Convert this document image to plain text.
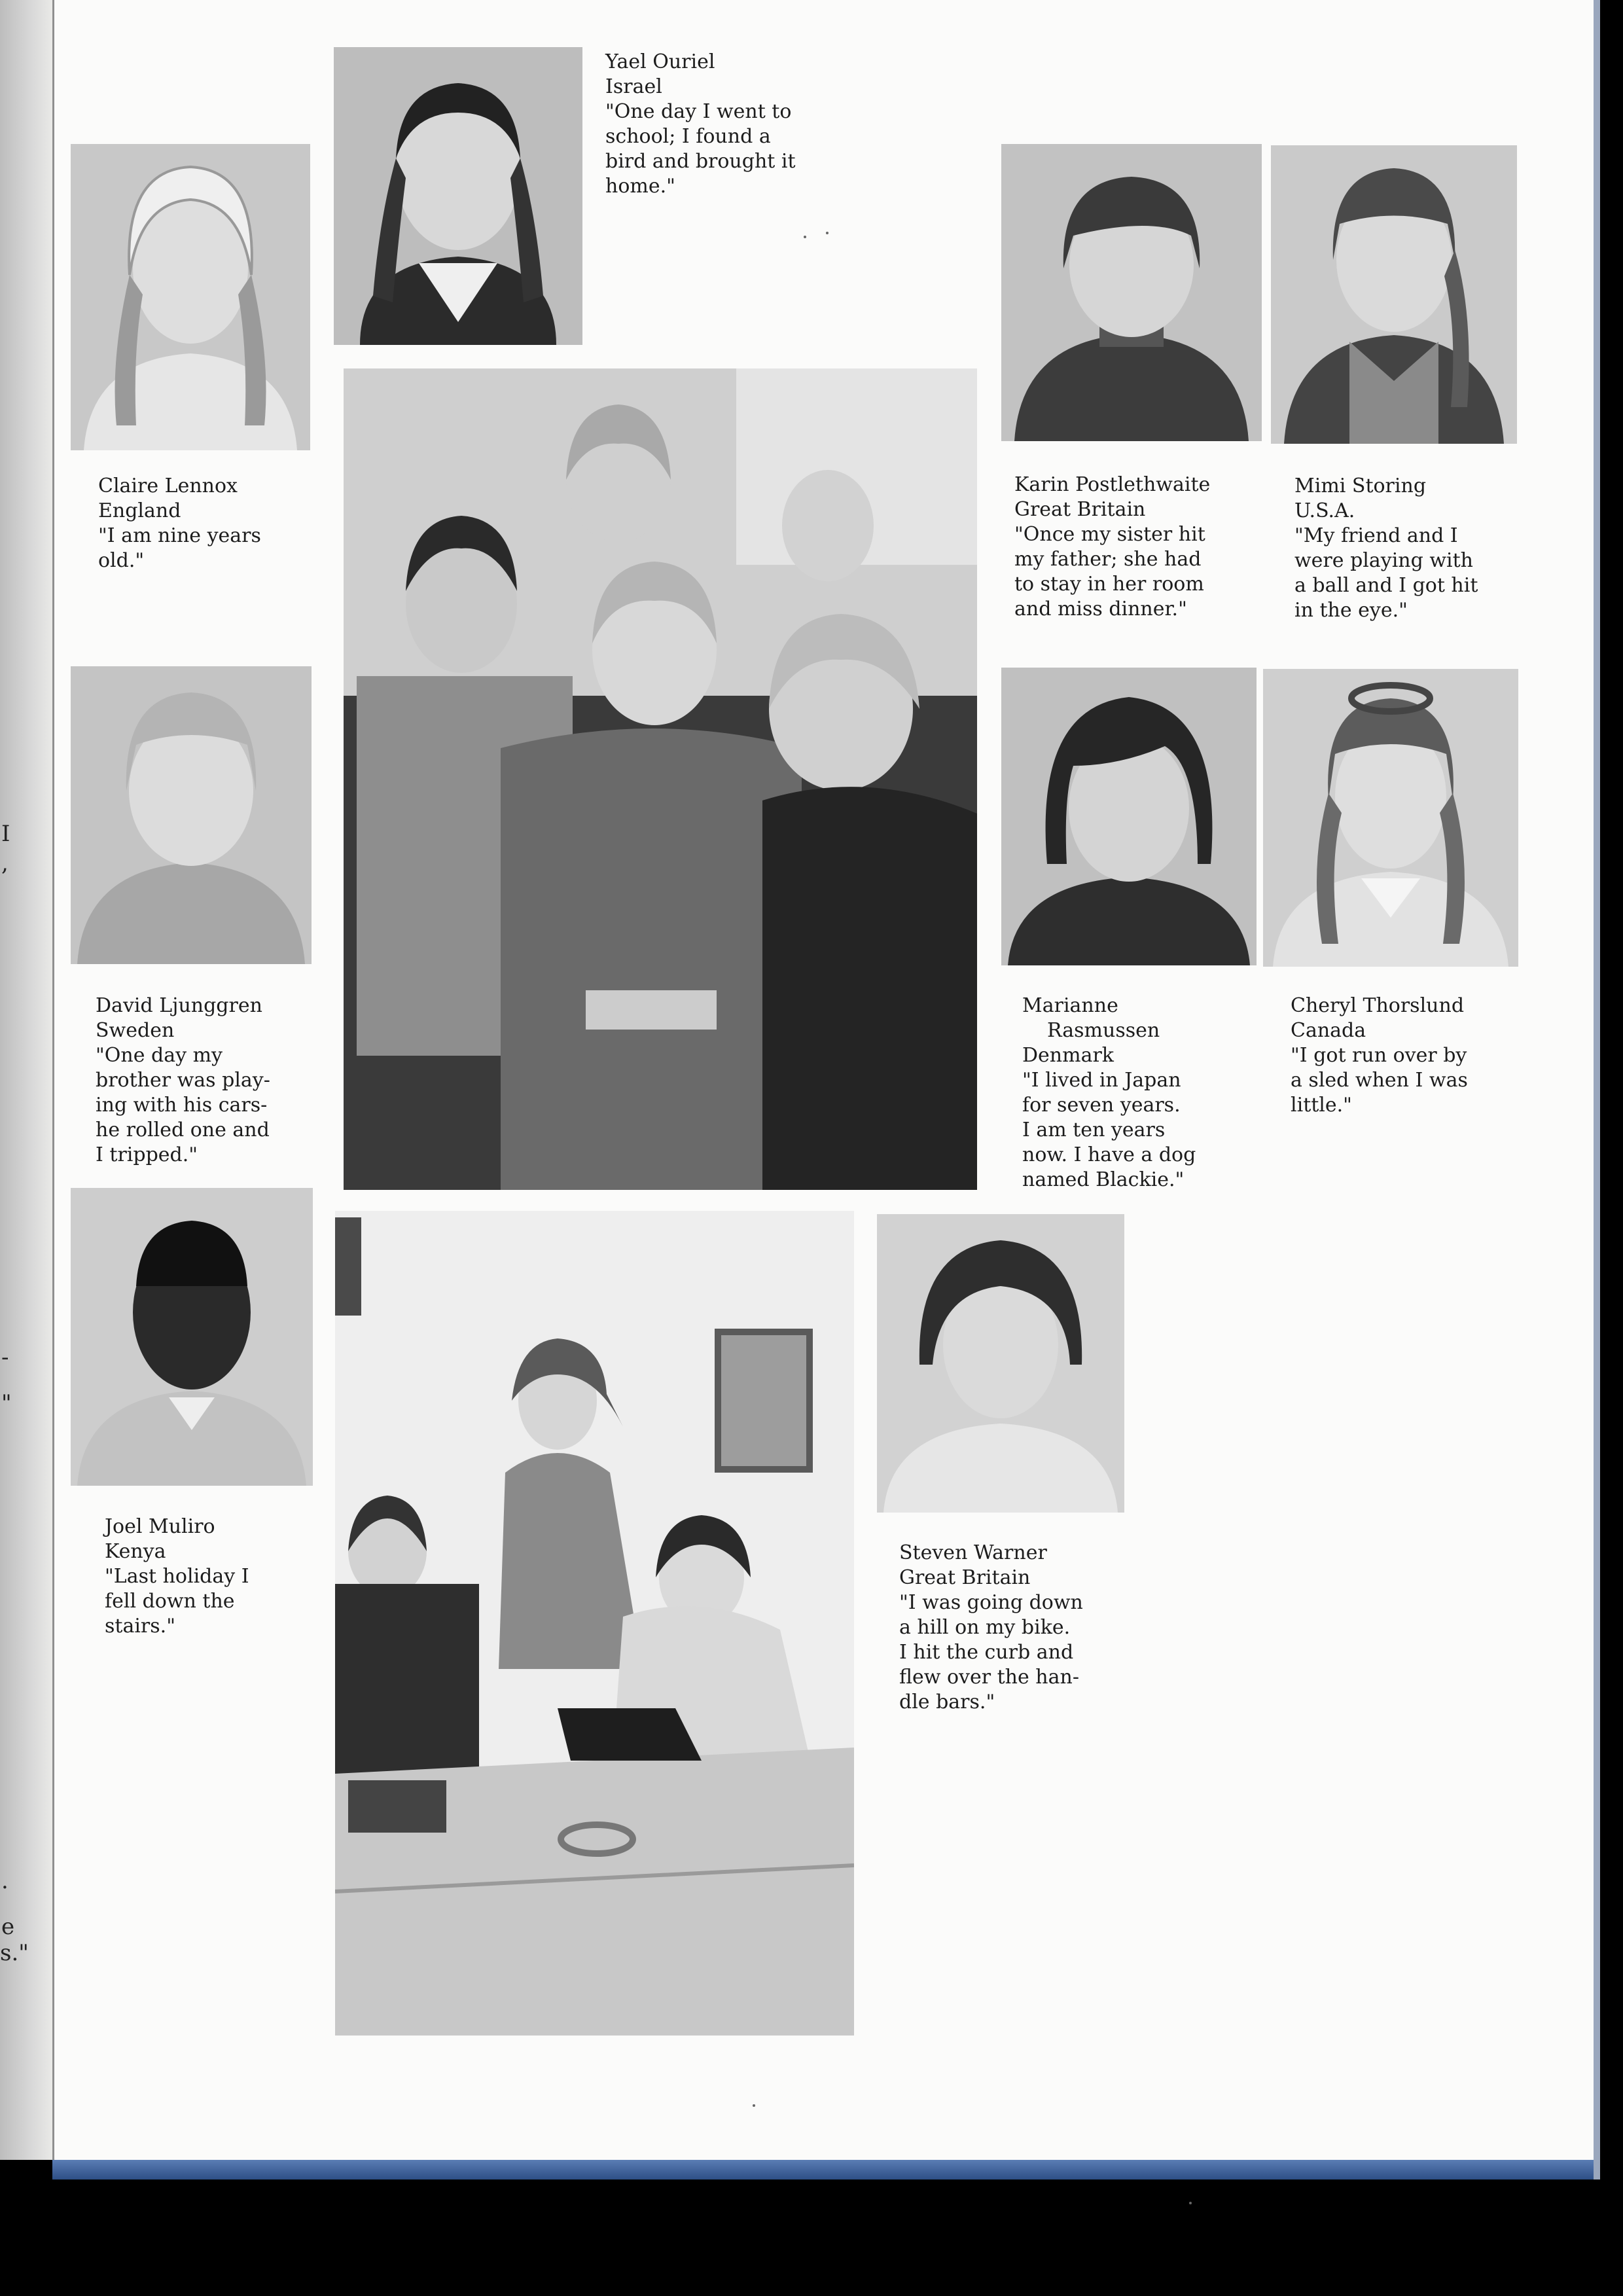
I
,
-
"
.
e
s."
Yael Ouriel
Israel
"One day I went to
school; I found a
bird and brought it
home."
Claire Lennox
England
"I am nine years
old."
Karin Postlethwaite
Great Britain
"Once my sister hit
my father; she had
to stay in her room
and miss dinner."
Mimi Storing
U.S.A.
"My friend and I
were playing with
a ball and I got hit
in the eye."
David Ljunggren
Sweden
"One day my
brother was play-
ing with his cars-
he rolled one and
I tripped."
Marianne
Rasmussen
Denmark
"I lived in Japan
for seven years.
I am ten years
now. I have a dog
named Blackie."
Cheryl Thorslund
Canada
"I got run over by
a sled when I was
little."
Joel Muliro
Kenya
"Last holiday I
fell down the
stairs."
Steven Warner
Great Britain
"I was going down
a hill on my bike.
I hit the curb and
flew over the han-
dle bars."
